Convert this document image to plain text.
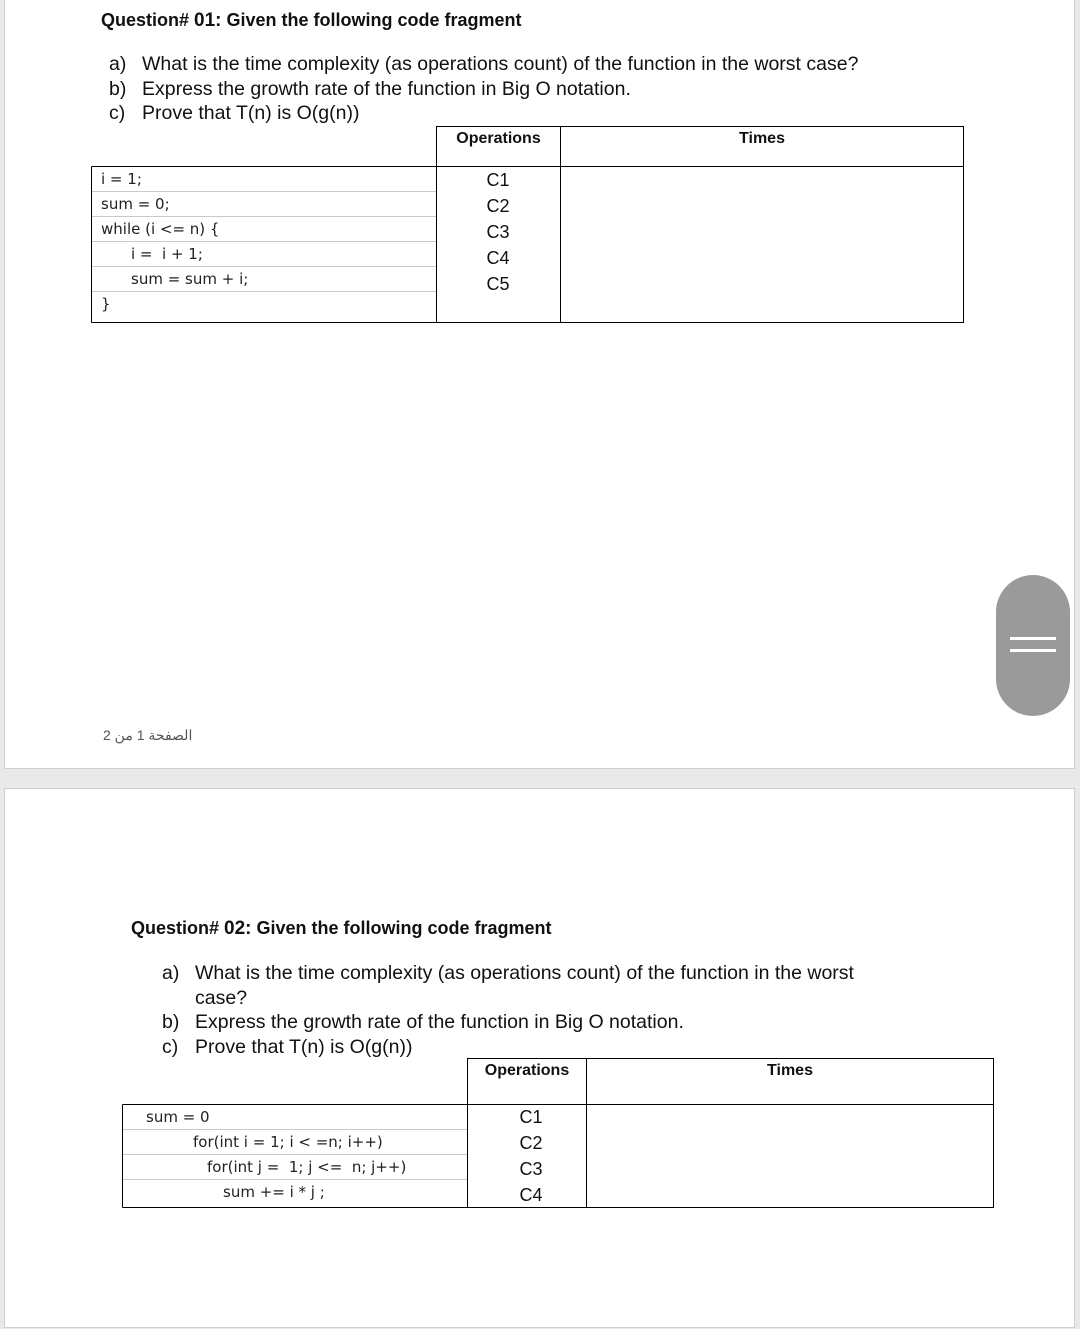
Question# 01: Given the following code fragment
a) What is the time complexity (as operations count) of the function in the worst case?
b) Express the growth rate of the function in Big O notation.
c) Prove that T(n) is O(g(n))
Operations	Times
i = 1;
sum = 0;
while (i <= n) {
i =  i + 1;
sum = sum + i;
}
C1
C2
C3
C4
C5
الصفحة 1 من 2
Question# 02: Given the following code fragment
a) What is the time complexity (as operations count) of the function in the worst
case?
b) Express the growth rate of the function in Big O notation.
c) Prove that T(n) is O(g(n))
Operations	Times
sum = 0
for(int i = 1; i < =n; i++)
for(int j =  1; j <=  n; j++)
sum += i * j ;
C1
C2
C3
C4
